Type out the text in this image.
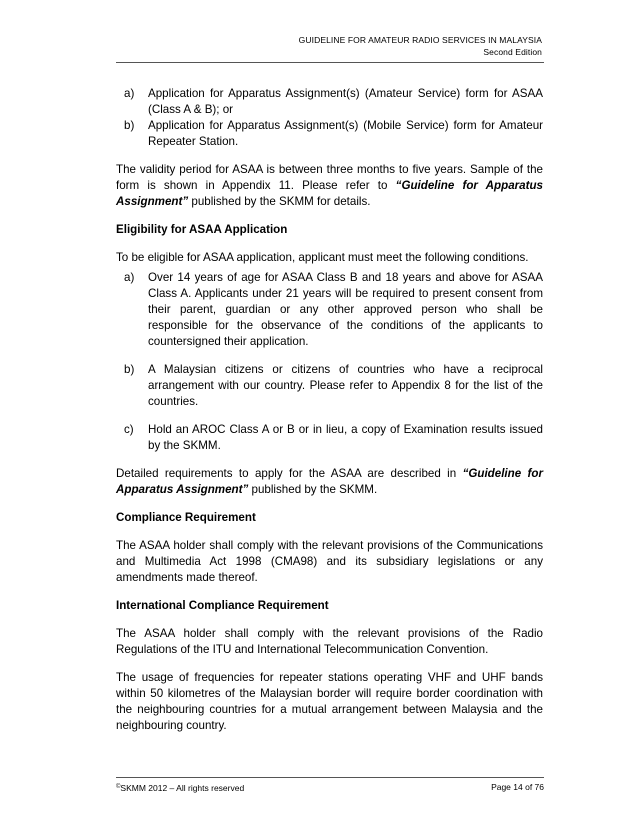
GUIDELINE FOR AMATEUR RADIO SERVICES IN MALAYSIA
Second Edition
a) Application for Apparatus Assignment(s) (Amateur Service) form for ASAA (Class A & B); or
b) Application for Apparatus Assignment(s) (Mobile Service) form for Amateur Repeater Station.

The validity period for ASAA is between three months to five years. Sample of the form is shown in Appendix 11. Please refer to “Guideline for Apparatus Assignment” published by the SKMM for details.

Eligibility for ASAA Application

To be eligible for ASAA application, applicant must meet the following conditions.

a) Over 14 years of age for ASAA Class B and 18 years and above for ASAA Class A. Applicants under 21 years will be required to present consent from their parent, guardian or any other approved person who shall be responsible for the observance of the conditions of the applicants to countersigned their application.
b) A Malaysian citizens or citizens of countries who have a reciprocal arrangement with our country. Please refer to Appendix 8 for the list of the countries.
c) Hold an AROC Class A or B or in lieu, a copy of Examination results issued by the SKMM.

Detailed requirements to apply for the ASAA are described in “Guideline for Apparatus Assignment” published by the SKMM.

Compliance Requirement

The ASAA holder shall comply with the relevant provisions of the Communications and Multimedia Act 1998 (CMA98) and its subsidiary legislations or any amendments made thereof.

International Compliance Requirement

The ASAA holder shall comply with the relevant provisions of the Radio Regulations of the ITU and International Telecommunication Convention.

The usage of frequencies for repeater stations operating VHF and UHF bands within 50 kilometres of the Malaysian border will require border coordination with the neighbouring countries for a mutual arrangement between Malaysia and the neighbouring country.

©SKMM 2012 – All rights reserved	Page 14 of 76
